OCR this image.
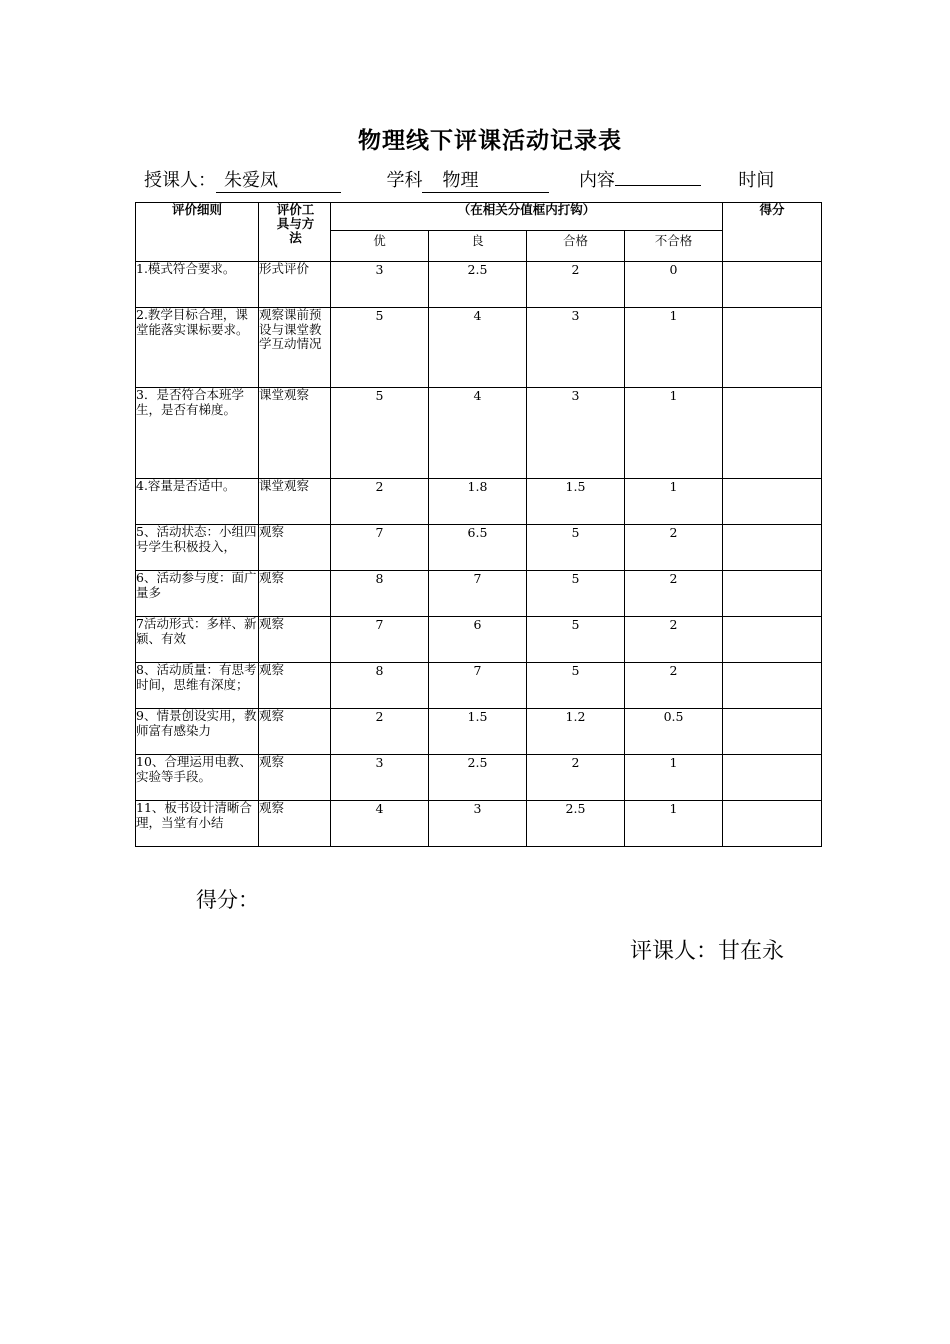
物理线下评课活动记录表
授课人： 朱爱凤	学科 物理	内容	时间
评价细则	评价工具与方法	（在相关分值框内打钩）				得分
		优	良	合格	不合格	
1.模式符合要求。	形式评价	3	2.5	2	0	
2.教学目标合理，课堂能落实课标要求。	观察课前预设与课堂教学互动情况	5	4	3	1	
3．是否符合本班学生，是否有梯度。	课堂观察	5	4	3	1	
4.容量是否适中。	课堂观察	2	1.8	1.5	1	
5、活动状态：小组四号学生积极投入，	观察	7	6.5	5	2	
6、活动参与度：面广量多	观察	8	7	5	2	
7活动形式：多样、新颖、有效	观察	7	6	5	2	
8、活动质量：有思考时间，思维有深度；	观察	8	7	5	2	
9、情景创设实用，教师富有感染力	观察	2	1.5	1.2	0.5	
10、合理运用电教、实验等手段。	观察	3	2.5	2	1	
11、板书设计清晰合理，当堂有小结	观察	4	3	2.5	1	
得分：
评课人：甘在永
